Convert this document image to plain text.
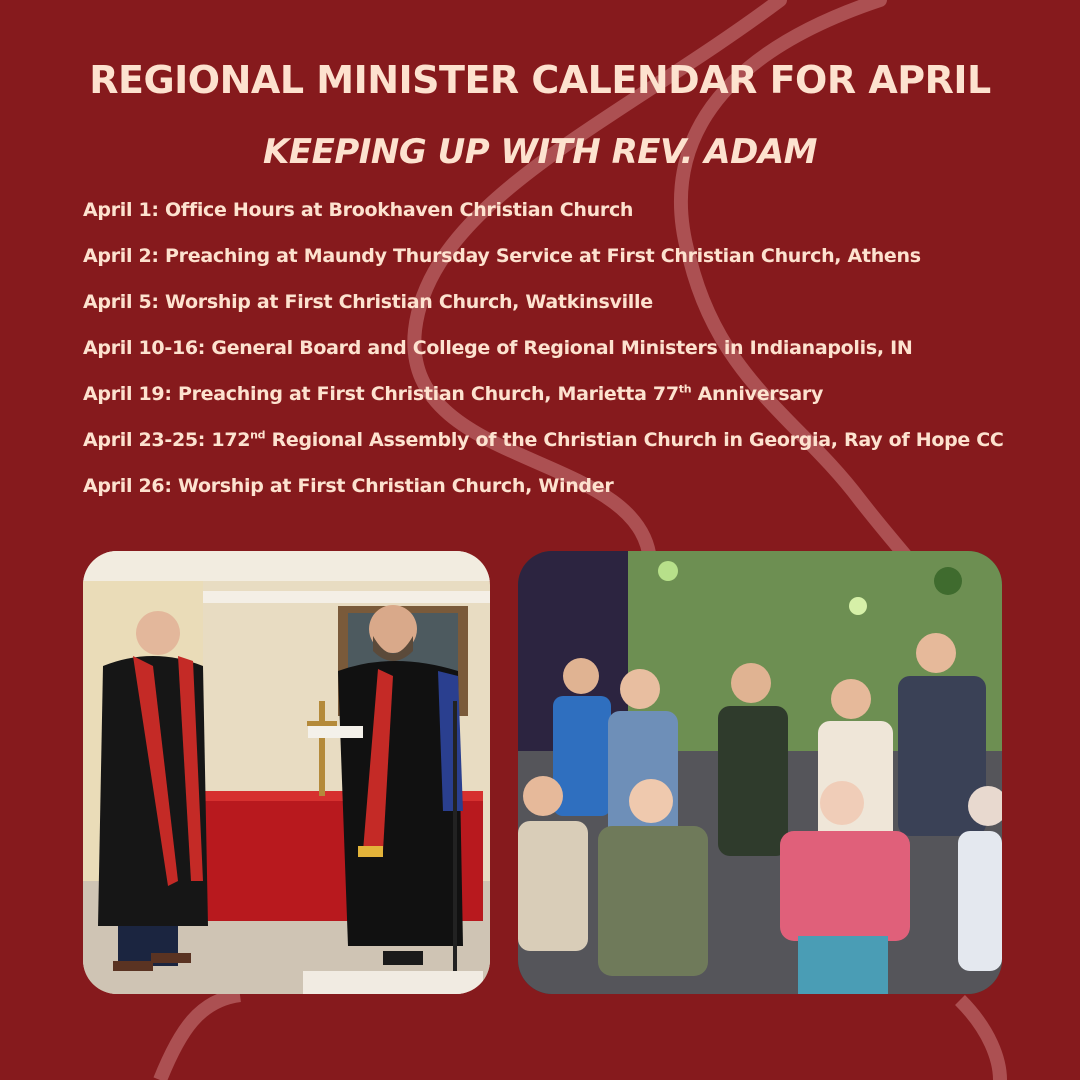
REGIONAL MINISTER CALENDAR FOR APRIL
KEEPING UP WITH REV. ADAM
April 1: Office Hours at Brookhaven Christian Church
April 2: Preaching at Maundy Thursday Service at First Christian Church, Athens
April 5: Worship at First Christian Church, Watkinsville
April 10-16: General Board and College of Regional Ministers in Indianapolis, IN
April 19: Preaching at First Christian Church, Marietta 77th Anniversary
April 23-25: 172nd Regional Assembly of the Christian Church in Georgia, Ray of Hope CC
April 26: Worship at First Christian Church, Winder
